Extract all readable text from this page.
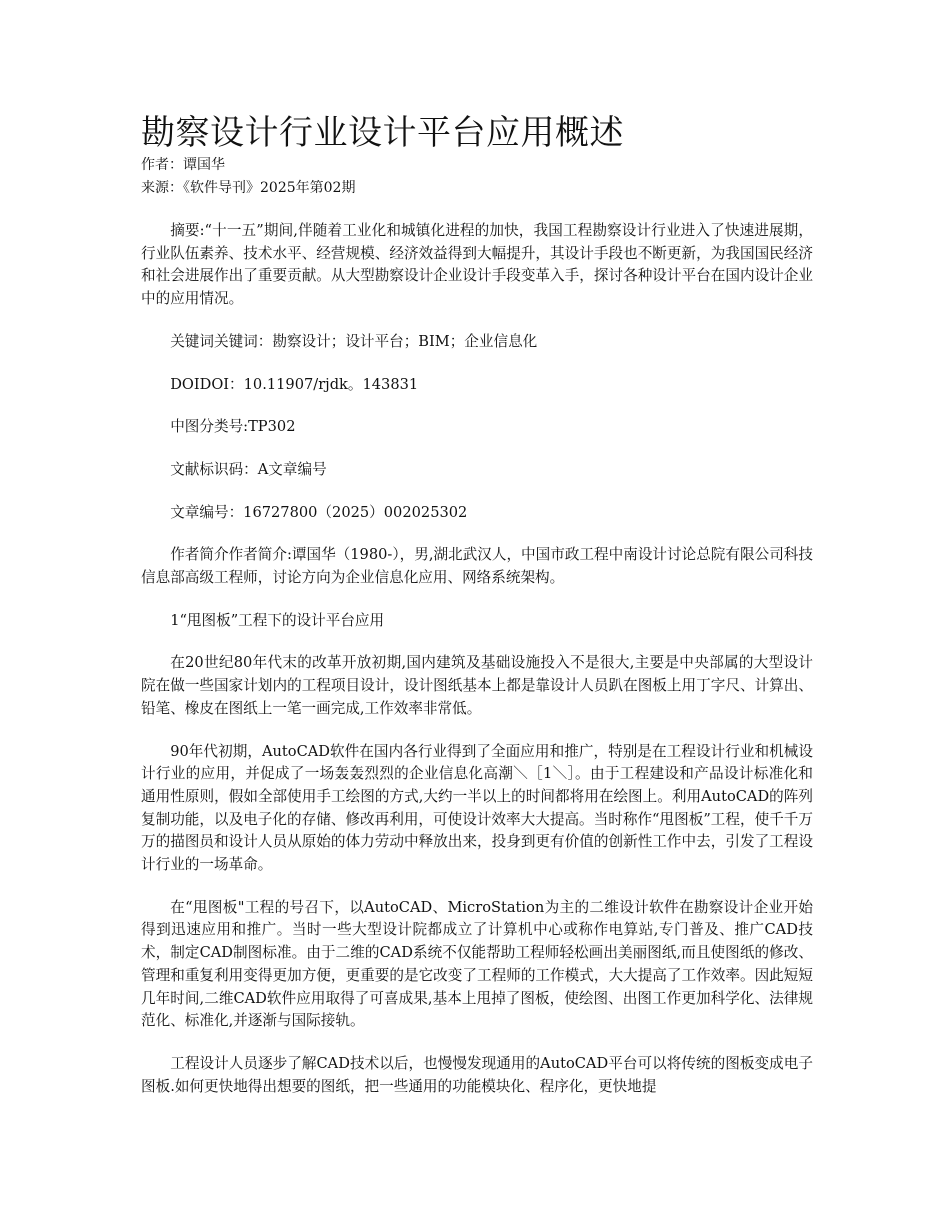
勘察设计行业设计平台应用概述

作者：谭国华

来源：《软件导刊》2025年第02期

摘要:“十一五”期间,伴随着工业化和城镇化进程的加快，我国工程勘察设计行业进入了快速进展期，行业队伍素养、技术水平、经营规模、经济效益得到大幅提升，其设计手段也不断更新，为我国国民经济和社会进展作出了重要贡献。从大型勘察设计企业设计手段变革入手，探讨各种设计平台在国内设计企业中的应用情况。

关键词关键词：勘察设计；设计平台；BIM；企业信息化

DOIDOI：10.11907/rjdk。143831

中图分类号:TP302

文献标识码：A文章编号

文章编号：16727800（2025）002025302

作者简介作者简介:谭国华（1980-），男,湖北武汉人，中国市政工程中南设计讨论总院有限公司科技信息部高级工程师，讨论方向为企业信息化应用、网络系统架构。

1“甩图板”工程下的设计平台应用

在20世纪80年代末的改革开放初期,国内建筑及基础设施投入不是很大,主要是中央部属的大型设计院在做一些国家计划内的工程项目设计，设计图纸基本上都是靠设计人员趴在图板上用丁字尺、计算出、铅笔、橡皮在图纸上一笔一画完成,工作效率非常低。

90年代初期，AutoCAD软件在国内各行业得到了全面应用和推广，特别是在工程设计行业和机械设计行业的应用，并促成了一场轰轰烈烈的企业信息化高潮＼［1＼］。由于工程建设和产品设计标准化和通用性原则，假如全部使用手工绘图的方式,大约一半以上的时间都将用在绘图上。利用AutoCAD的阵列复制功能，以及电子化的存储、修改再利用，可使设计效率大大提高。当时称作“甩图板”工程，使千千万万的描图员和设计人员从原始的体力劳动中释放出来，投身到更有价值的创新性工作中去，引发了工程设计行业的一场革命。

在“甩图板"工程的号召下，以AutoCAD、MicroStation为主的二维设计软件在勘察设计企业开始得到迅速应用和推广。当时一些大型设计院都成立了计算机中心或称作电算站,专门普及、推广CAD技术，制定CAD制图标准。由于二维的CAD系统不仅能帮助工程师轻松画出美丽图纸,而且使图纸的修改、管理和重复利用变得更加方便，更重要的是它改变了工程师的工作模式，大大提高了工作效率。因此短短几年时间,二维CAD软件应用取得了可喜成果,基本上甩掉了图板，使绘图、出图工作更加科学化、法律规范化、标准化,并逐渐与国际接轨。

工程设计人员逐步了解CAD技术以后，也慢慢发现通用的AutoCAD平台可以将传统的图板变成电子图板.如何更快地得出想要的图纸，把一些通用的功能模块化、程序化，更快地提
